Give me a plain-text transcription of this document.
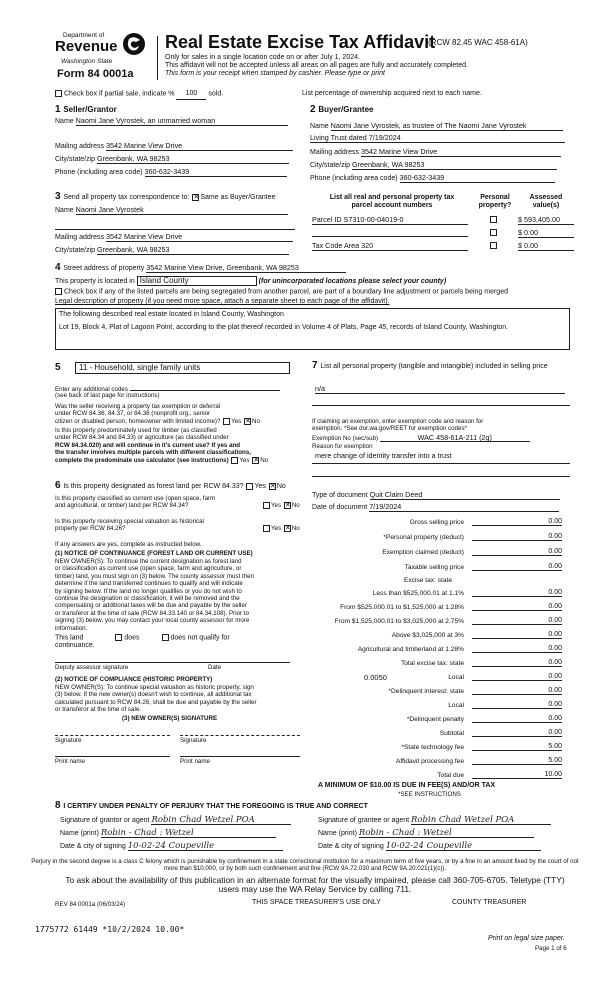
Department of
Revenue
Washington State
Form 84 0001a
Real Estate Excise Tax Affidavit
(RCW 82.45 WAC 458-61A)
Only for sales in a single location code on or after July 1, 2024.
This affidavit will not be accepted unless all areas on all pages are fully and accurately completed.
This form is your receipt when stamped by cashier. Please type or print
Check box if partial sale, indicate % 100 sold.	List percentage of ownership acquired next to each name.
1 Seller/Grantor
Name Naomi Jane Vyrostek, an unmarried woman
Mailing address 3542 Marine View Drive
City/state/zip Greenbank, WA 98253
Phone (including area code) 360-632-3439
2 Buyer/Grantee
Name Naomi Jane Vyrostek, as trustee of The Naomi Jane Vyrostek
Living Trust dated 7/19/2024
Mailing address 3542 Marine View Drive
City/state/zip Greenbank, WA 98253
Phone (including area code) 360-632-3439
3 Send all property tax correspondence to: ✕ Same as Buyer/Grantee
Name Naomi Jane Vyrostek
Mailing address 3542 Marine View Drive
City/state/zip Greenbank, WA 98253
List all real and personal property tax
parcel account numbers
Personal
property?
Assessed
value(s)
Parcel ID S7310-00-04019-0	$ 593,405.00
$ 0.00
Tax Code Area 320	$ 0.00
4 Street address of property 3542 Marine View Drive, Greenbank, WA 98253
This property is located in Island County	(for unincorporated locations please select your county)
Check box if any of the listed parcels are being segregated from another parcel, are part of a boundary line adjustment or parcels being merged
Legal description of property (if you need more space, attach a separate sheet to each page of the affidavit).
The following described real estate located in Island County, Washington
Lot 19, Block 4, Plat of Lagoon Point, according to the plat thereof recorded in Volume 4 of Plats, Page 45, records of Island County, Washington.
5	11 - Household, single family units
Enter any additional codes
(see back of last page for instructions)
Was the seller receiving a property tax exemption or deferral
under RCW 84.36, 84.37, or 84.38 (nonprofit org., senior
citizen or disabled person, homeowner with limited income)? Yes ✕ No
Is this property predominately used for timber (as classified
under RCW 84.34 and 84.33) or agriculture (as classified under
RCW 84.34.020) and will continue in it's current use? If yes and
the transfer involves multiple parcels with different classifications,
complete the predominate use calculator (see instructions) Yes ✕ No
6 Is this property designated as forest land per RCW 84.33? Yes ✕ No
Is this property classified as current use (open space, farm
and agricultural, or timber) land per RCW 84.34?	Yes ✕ No
Is this property receiving special valuation as historical
property per RCW 84.26?	Yes ✕ No
If any answers are yes, complete as instructed below.
(1) NOTICE OF CONTINUANCE (FOREST LAND OR CURRENT USE)
NEW OWNER(S): To continue the current designation as forest land
or classification as current use (open space, farm and agriculture, or
timber) land, you must sign on (3) below. The county assessor must then
determine if the land transferred continues to qualify and will indicate
by signing below. If the land no longer qualifies or you do not wish to
continue the designation or classification, it will be removed and the
compensating or additional taxes will be due and payable by the seller
or transferor at the time of sale (RCW 84.33.140 or 84.34.108). Prior to
signing (3) below, you may contact your local county assessor for more
information.
This land	does	does not qualify for
continuance.
Deputy assessor signature	Date
(2) NOTICE OF COMPLIANCE (HISTORIC PROPERTY)
NEW OWNER(S): To continue special valuation as historic property, sign
(3) below. If the new owner(s) doesn't wish to continue, all additional tax
calculated pursuant to RCW 84.26, shall be due and payable by the seller
or transferor at the time of sale.
(3) NEW OWNER(S) SIGNATURE
Signature	Signature
Print name	Print name
7 List all personal property (tangible and intangible) included in selling price
n/a
If claiming an exemption, enter exemption code and reason for
exemption. *See dor.wa.gov/REET for exemption codes*
Exemption No (sec/sub)	WAC 458-61A-211 (2g)
Reason for exemption
mere change of identity transfer into a trust
Type of document Quit Claim Deed
Date of document 7/19/2024
Gross selling price	0.00
*Personal property (deduct)	0.00
Exemption claimed (deduct)	0.00
Taxable selling price	0.00
Excise tax: state
Less than $525,000.01 at 1.1%	0.00
From $525,000.01 to $1,525,000 at 1.28%	0.00
From $1,525,000.01 to $3,025,000 at 2.75%	0.00
Above $3,025,000 at 3%	0.00
Agricultural and timberland at 1.28%	0.00
Total excise tax: state	0.00
0.0050	Local	0.00
*Delinquent interest: state	0.00
Local	0.00
*Delinquent penalty	0.00
Subtotal	0.00
*State technology fee	5.00
Affidavit processing fee	5.00
Total due	10.00
A MINIMUM OF $10.00 IS DUE IN FEE(S) AND/OR TAX
*SEE INSTRUCTIONS
8 I CERTIFY UNDER PENALTY OF PERJURY THAT THE FOREGOING IS TRUE AND CORRECT
Signature of grantor or agent Robin Chad Wetzel POA
Name (print) Robin - Chad : Wetzel
Date & city of signing 10-02-24 Coupeville
Signature of grantee or agent Robin Chad Wetzel POA
Name (print) Robin - Chad : Wetzel
Date & city of signing 10-02-24 Coupeville
Perjury in the second degree is a class C felony which is punishable by confinement in a state correctional institution for a maximum term of five years, or by a fine in an amount fixed by the court of not more than $10,000, or by both such confinement and fine (RCW 9A.72.030 and RCW 9A.20.021(1)(c)).
To ask about the availability of this publication in an alternate format for the visually impaired, please call 360-705-6705. Teletype (TTY) users may use the WA Relay Service by calling 711.
REV 84 0001a (06/03/24)	THIS SPACE TREASURER'S USE ONLY	COUNTY TREASURER
1775772 61449 *10/2/2024 10.00*
Print on legal size paper.
Page 1 of 6
